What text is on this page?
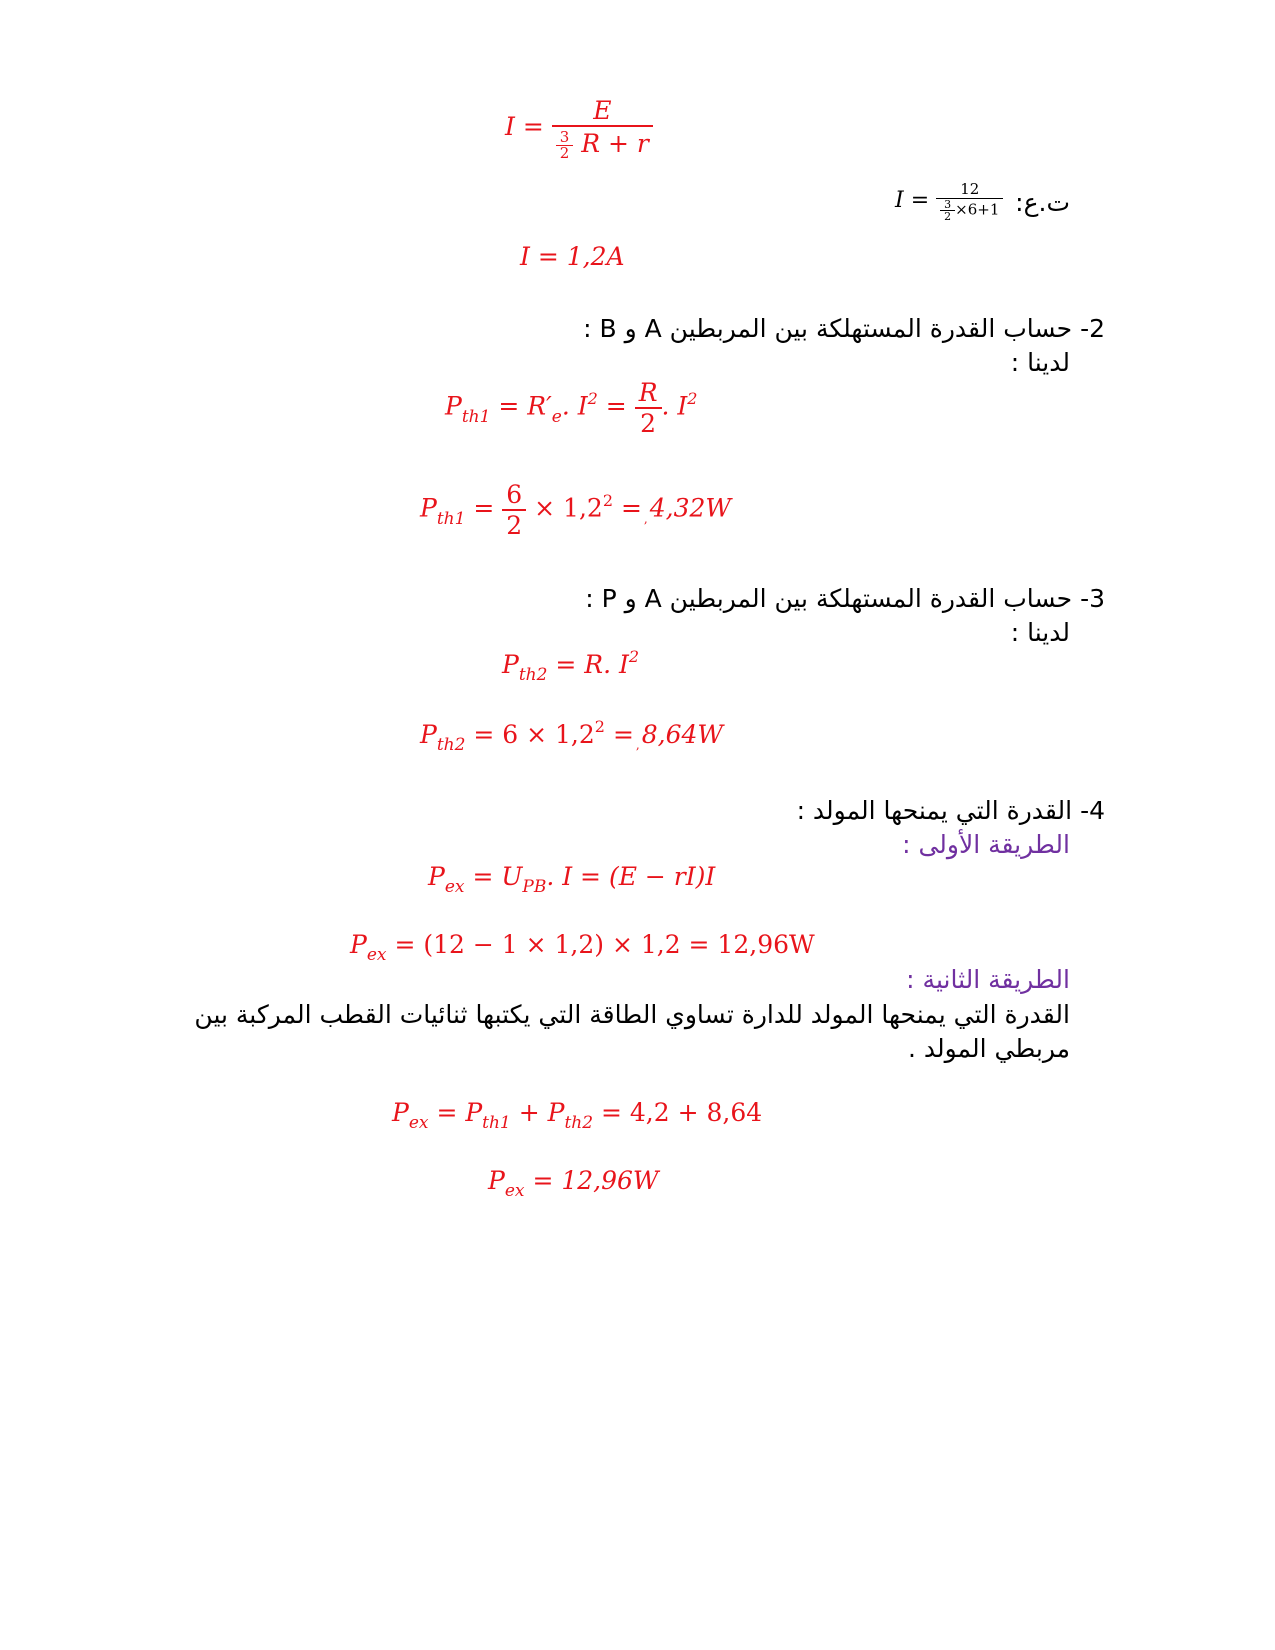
$I = \frac{E}{\frac{3}{2} R + r}$
ت.ع:
$I = \frac{12}{\frac{3}{2} \times 6+1}$
I = 1,2A
2- حساب القدرة المستهلكة بين المربطين A و B :
لدينا :
$P_{th1} = R'_e$. $I^2 = \frac{R}{2}$ . $I^2$
$P_{th1} = \frac{6}{2} \times 1,2^2 = _,4,32W$
3- حساب القدرة المستهلكة بين المربطين A و P :
لدينا :
$P_{th2} = R$. $I^2$
$P_{th2} = 6 \times 1,2^2 = _,8,64W$
4- القدرة التي يمنحها المولد :
الطريقة الأولى :
$P_{ex} = U_{PB}$. I = (E − rI)I
$P_{ex} = (12 - 1 \times 1,2) \times 1,2 = 12,96W$
الطريقة الثانية :
القدرة التي يمنحها المولد للدارة تساوي الطاقة التي يكتبها ثنائيات القطب المركبة بين
مربطي المولد .
$P_{ex} = P_{th1} + P_{th2} = 4,2 + 8,64$
$P_{ex} = 12,96W$
